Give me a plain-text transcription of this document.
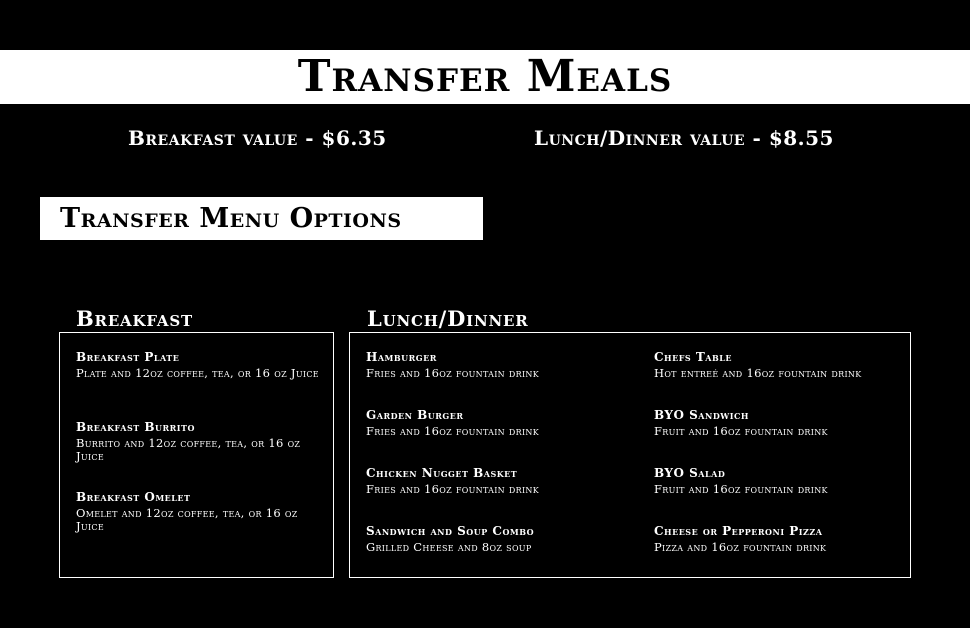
Transfer Meals
Breakfast value - $6.35	Lunch/Dinner value - $8.55
Transfer Menu Options
Breakfast	Lunch/Dinner
Breakfast Plate
Plate and 12oz coffee, tea, or 16 oz Juice
Breakfast Burrito
Burrito and 12oz coffee, tea, or 16 oz Juice
Breakfast Omelet
Omelet and 12oz coffee, tea, or 16 oz Juice
Hamburger
Fries and 16oz fountain drink
Garden Burger
Fries and 16oz fountain drink
Chicken Nugget Basket
Fries and 16oz fountain drink
Sandwich and Soup Combo
Grilled Cheese and 8oz soup
Chefs Table
Hot entreé and 16oz fountain drink
BYO Sandwich
Fruit and 16oz fountain drink
BYO Salad
Fruit and 16oz fountain drink
Cheese or Pepperoni Pizza
Pizza and 16oz fountain drink
